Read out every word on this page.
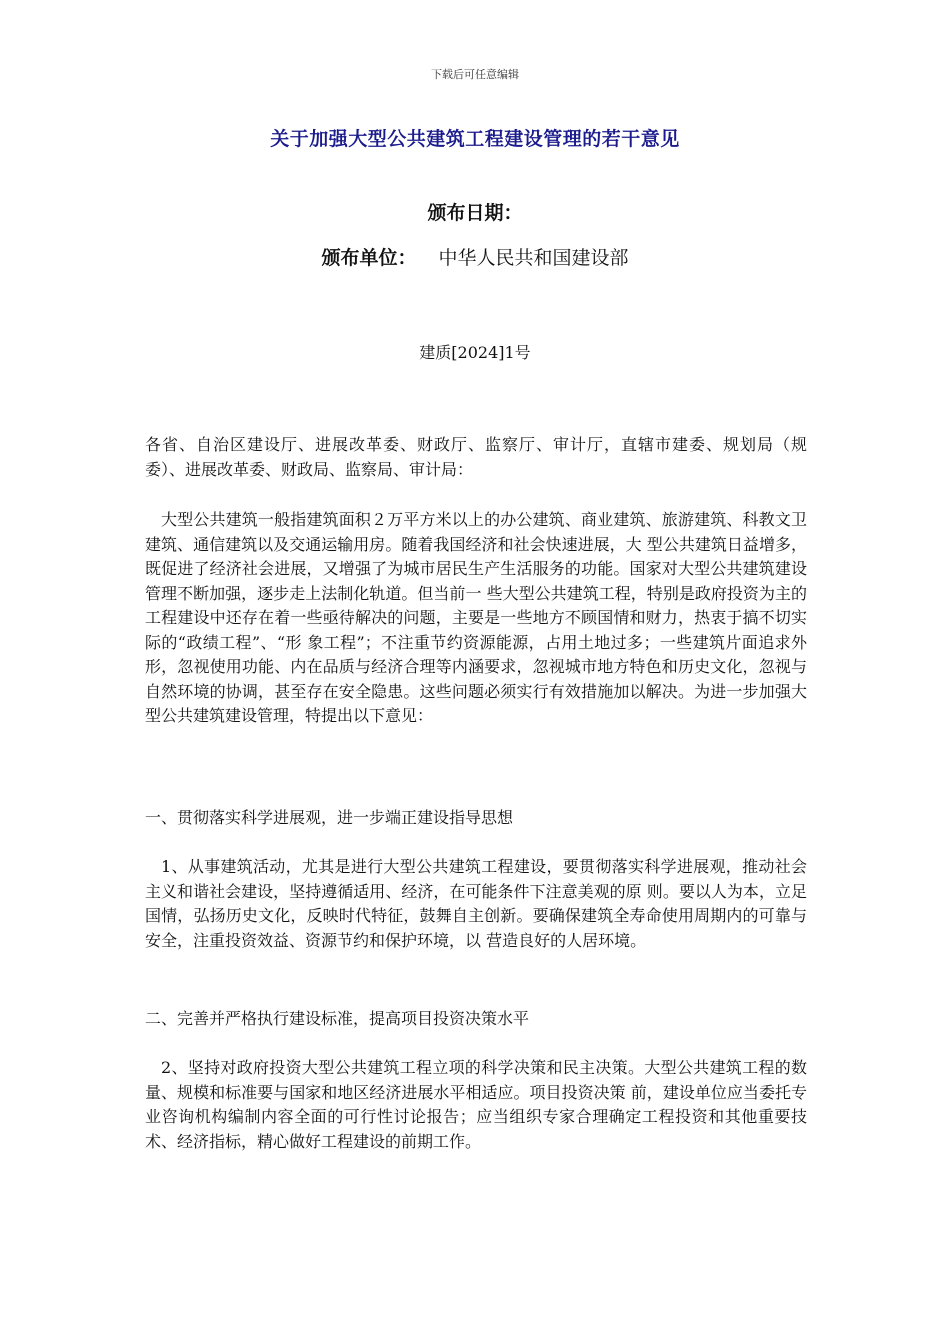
下载后可任意编辑
关于加强大型公共建筑工程建设管理的若干意见
颁布日期：
颁布单位： 中华人民共和国建设部
建质[2024]1号

各省、自治区建设厅、进展改革委、财政厅、监察厅、审计厅，直辖市建委、规划局（规委）、进展改革委、财政局、监察局、审计局：

大型公共建筑一般指建筑面积２万平方米以上的办公建筑、商业建筑、旅游建筑、科教文卫建筑、通信建筑以及交通运输用房。随着我国经济和社会快速进展，大 型公共建筑日益增多，既促进了经济社会进展，又增强了为城市居民生产生活服务的功能。国家对大型公共建筑建设管理不断加强，逐步走上法制化轨道。但当前一 些大型公共建筑工程，特别是政府投资为主的工程建设中还存在着一些亟待解决的问题，主要是一些地方不顾国情和财力，热衷于搞不切实际的“政绩工程”、“形 象工程”；不注重节约资源能源，占用土地过多；一些建筑片面追求外形，忽视使用功能、内在品质与经济合理等内涵要求，忽视城市地方特色和历史文化，忽视与 自然环境的协调，甚至存在安全隐患。这些问题必须实行有效措施加以解决。为进一步加强大型公共建筑建设管理，特提出以下意见：

一、贯彻落实科学进展观，进一步端正建设指导思想

1、从事建筑活动，尤其是进行大型公共建筑工程建设，要贯彻落实科学进展观，推动社会主义和谐社会建设，坚持遵循适用、经济，在可能条件下注意美观的原 则。要以人为本，立足国情，弘扬历史文化，反映时代特征，鼓舞自主创新。要确保建筑全寿命使用周期内的可靠与安全，注重投资效益、资源节约和保护环境，以 营造良好的人居环境。

二、完善并严格执行建设标准，提高项目投资决策水平

2、坚持对政府投资大型公共建筑工程立项的科学决策和民主决策。大型公共建筑工程的数量、规模和标准要与国家和地区经济进展水平相适应。项目投资决策 前，建设单位应当委托专业咨询机构编制内容全面的可行性讨论报告；应当组织专家合理确定工程投资和其他重要技术、经济指标，精心做好工程建设的前期工作。
